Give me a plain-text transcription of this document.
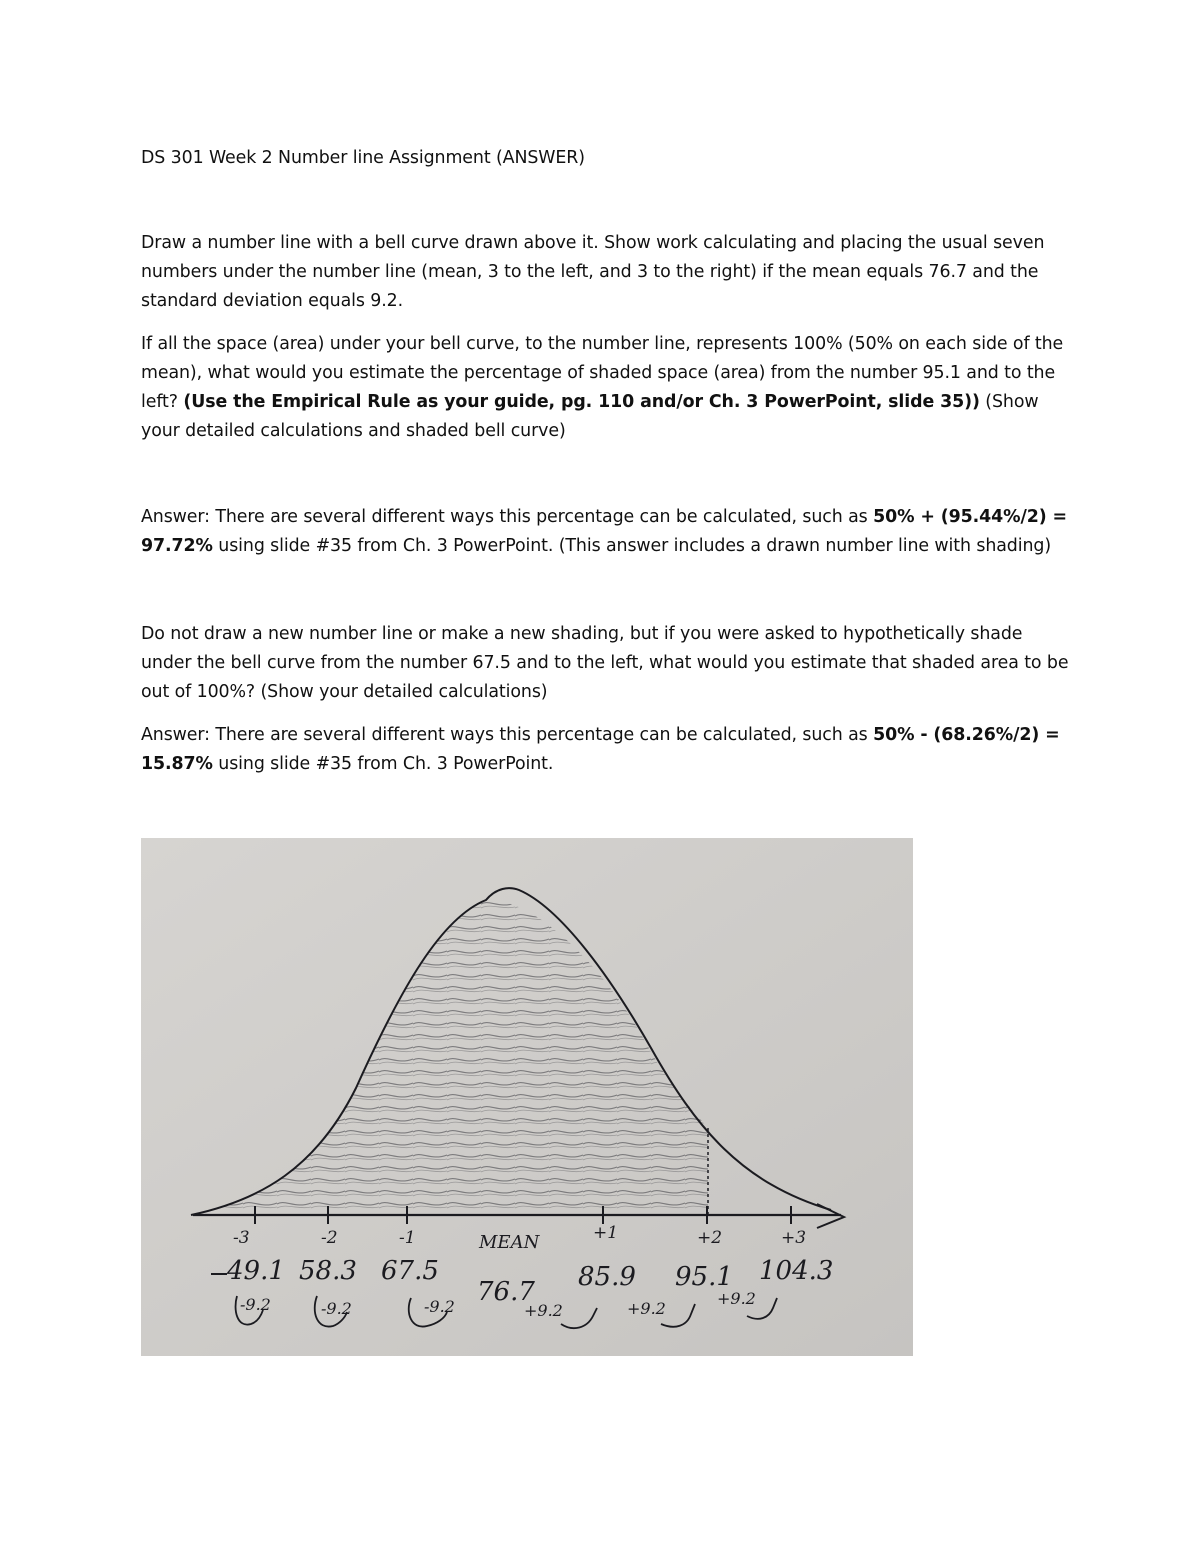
DS 301 Week 2 Number line Assignment (ANSWER)
Draw a number line with a bell curve drawn above it. Show work calculating and placing the usual seven numbers under the number line (mean, 3 to the left, and 3 to the right) if the mean equals 76.7 and the standard deviation equals 9.2.
If all the space (area) under your bell curve, to the number line, represents 100% (50% on each side of the mean), what would you estimate the percentage of shaded space (area) from the number 95.1 and to the left? (Use the Empirical Rule as your guide, pg. 110 and/or Ch. 3 PowerPoint, slide 35)) (Show your detailed calculations and shaded bell curve)
Answer: There are several different ways this percentage can be calculated, such as 50% + (95.44%/2) = 97.72% using slide #35 from Ch. 3 PowerPoint. (This answer includes a drawn number line with shading)
Do not draw a new number line or make a new shading, but if you were asked to hypothetically shade under the bell curve from the number 67.5 and to the left, what would you estimate that shaded area to be out of 100%? (Show your detailed calculations)
Answer: There are several different ways this percentage can be calculated, such as 50% - (68.26%/2) = 15.87% using slide #35 from Ch. 3 PowerPoint.
-3	-2	-1	MEAN	+1	+2	+3
49.1 58.3 67.5
76.7 85.9 95.1 104.3
-9.2	-9.2	-9.2	+9.2	+9.2
+9.2
